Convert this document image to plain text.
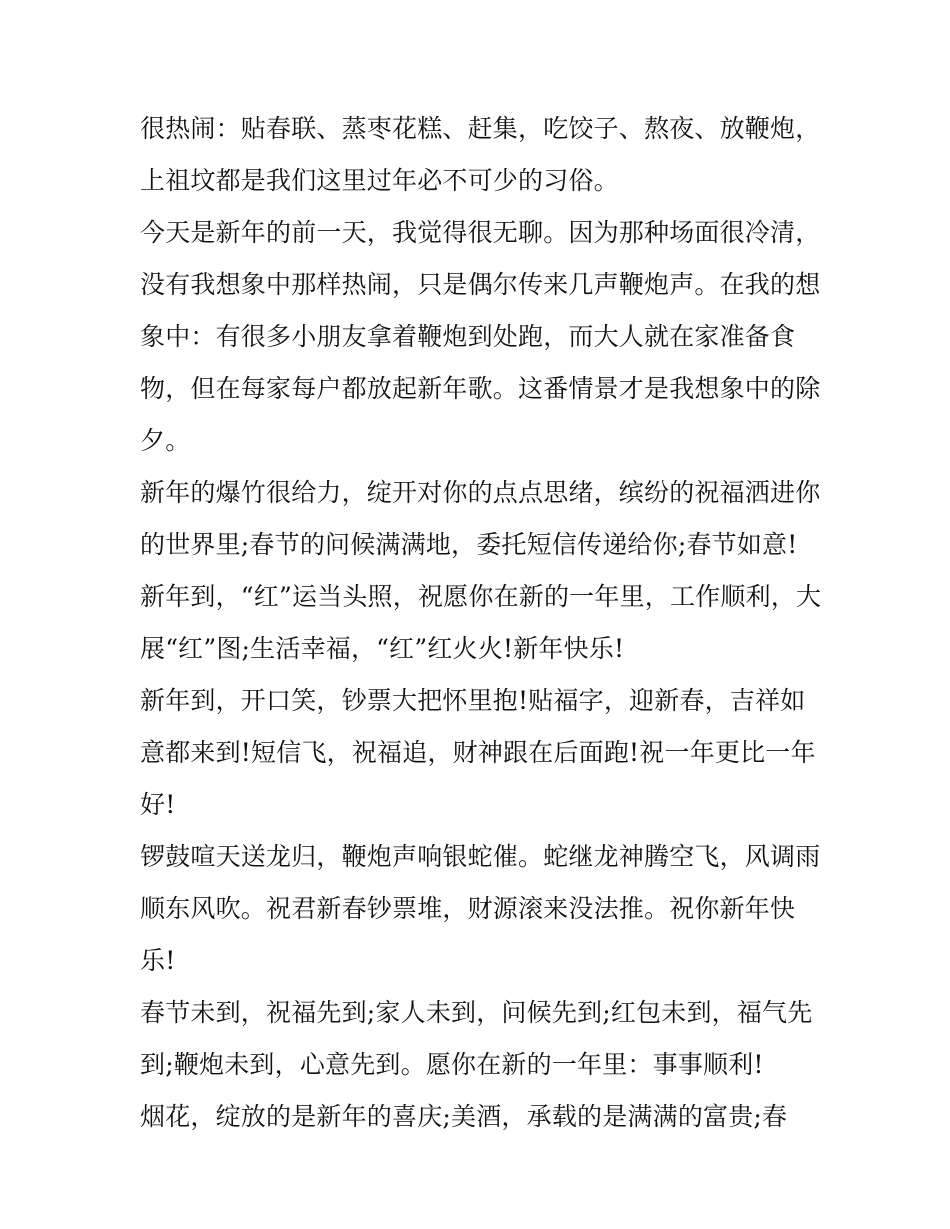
很热闹：贴春联、蒸枣花糕、赶集，吃饺子、熬夜、放鞭炮，
上祖坟都是我们这里过年必不可少的习俗。
今天是新年的前一天，我觉得很无聊。因为那种场面很冷清，
没有我想象中那样热闹，只是偶尔传来几声鞭炮声。在我的想
象中：有很多小朋友拿着鞭炮到处跑，而大人就在家准备食
物，但在每家每户都放起新年歌。这番情景才是我想象中的除
夕。
新年的爆竹很给力，绽开对你的点点思绪，缤纷的祝福洒进你
的世界里;春节的问候满满地，委托短信传递给你;春节如意!
新年到，“红”运当头照，祝愿你在新的一年里，工作顺利，大
展“红”图;生活幸福，“红”红火火!新年快乐!
新年到，开口笑，钞票大把怀里抱!贴福字，迎新春，吉祥如
意都来到!短信飞，祝福追，财神跟在后面跑!祝一年更比一年
好!
锣鼓喧天送龙归，鞭炮声响银蛇催。蛇继龙神腾空飞，风调雨
顺东风吹。祝君新春钞票堆，财源滚来没法推。祝你新年快
乐!
春节未到，祝福先到;家人未到，问候先到;红包未到，福气先
到;鞭炮未到，心意先到。愿你在新的一年里：事事顺利!
烟花，绽放的是新年的喜庆;美酒，承载的是满满的富贵;春
